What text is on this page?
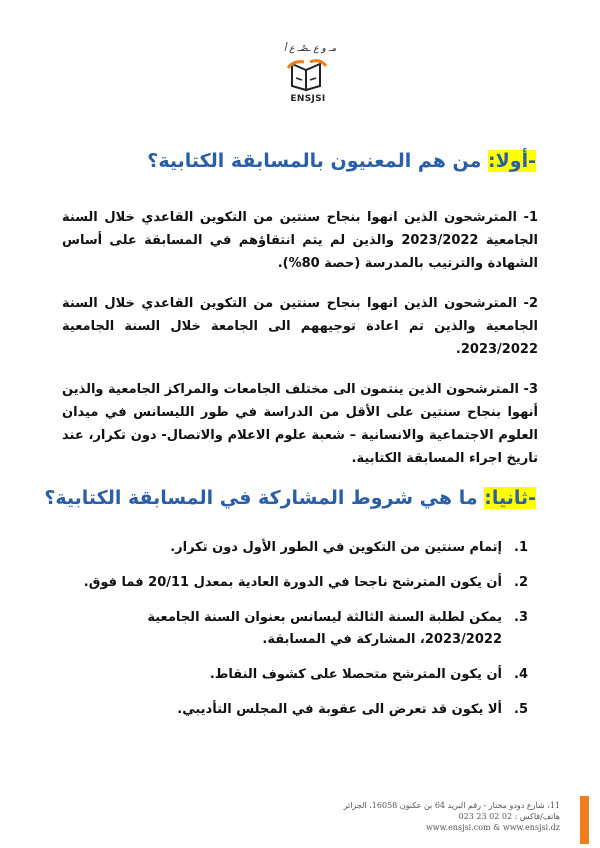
مـ و ع ـصْـ ع أ
ENSJSI
-أولا: من هم المعنيون بالمسابقة الكتابية؟
1- المترشحون الذين انهوا بنجاح سنتين من التكوين القاعدي خلال السنة الجامعية 2023/2022 والذين لم يتم انتقاؤهم في المسابقة على أساس الشهادة والترتيب بالمدرسة (حصة 80%).
2- المترشحون الذين انهوا بنجاح سنتين من التكوين القاعدي خلال السنة الجامعية والذين تم اعادة توجيههم الى الجامعة خلال السنة الجامعية 2023/2022.
3- المترشحون الذين ينتمون الى مختلف الجامعات والمراكز الجامعية والذين أنهوا بنجاح سنتين على الأقل من الدراسة في طور الليسانس في ميدان العلوم الاجتماعية والانسانية – شعبة علوم الاعلام والاتصال- دون تكرار، عند تاريخ اجراء المسابقة الكتابية.
-ثانيا: ما هي شروط المشاركة في المسابقة الكتابية؟
1.
إتمام سنتين من التكوين في الطور الأول دون تكرار.
2.
أن يكون المترشح ناجحا في الدورة العادية بمعدل 20/11 فما فوق.
3.
يمكن لطلبة السنة الثالثة ليسانس بعنوان السنة الجامعية 2023/2022، المشاركة في المسابقة.
4.
أن يكون المترشح متحصلا على كشوف النقاط.
5.
ألا يكون قد تعرض الى عقوبة في المجلس التأديبي.
11، شارع دودو مختار - رقم البريد 64 بن عكنون 16058، الجزائر
هاتف/فاكس : 02 02 23 023
www.ensjsi.com & www.ensjsi.dz
